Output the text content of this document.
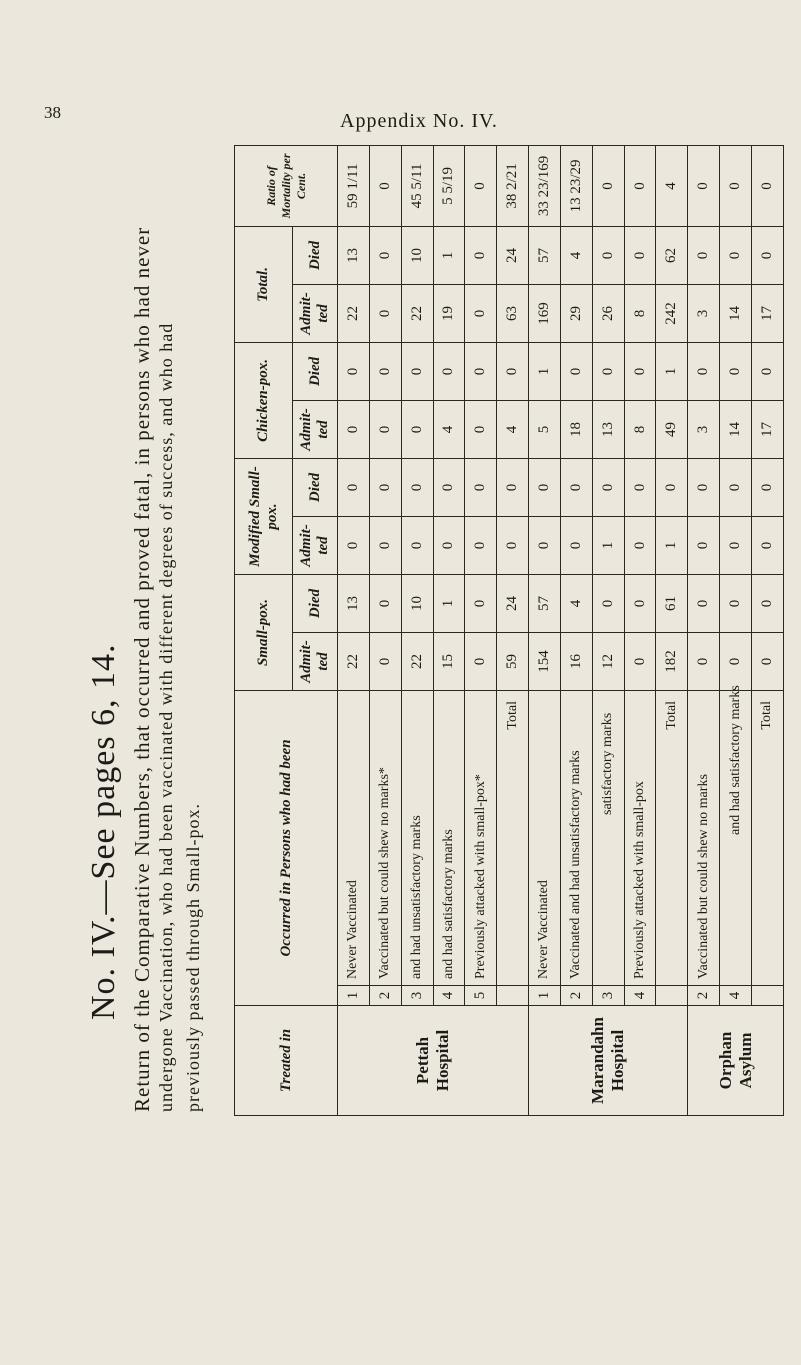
38	Appendix No. IV.
No. IV.—See pages 6, 14. Return of the Comparative Numbers, that occurred and proved fatal, in persons who had never undergone Vaccination, who had been vaccinated with different degrees of success, and who had previously passed through Small-pox.	Treated in	Occurred in Persons who had been		Small-pox.		Modified Small-pox.		Chicken-pox.		Total.		Ratio of Mortality per Cent.
			Admit-ted	Died	Admit-ted	Died	Admit-ted	Died	Admit-ted	Died	
Pettah Hospital	1	Never Vaccinated	22	13	0	0	0	0	22	13	59 1/11
	2	Vaccinated but could shew no marks*	0	0	0	0	0	0	0	0	0
	3	and had unsatisfactory marks	22	10	0	0	0	0	22	10	45 5/11
	4	and had satisfactory marks	15	1	0	0	4	0	19	1	5 5/19
	5	Previously attacked with small-pox*	0	0	0	0	0	0	0	0	0
		Total	59	24	0	0	4	0	63	24	38 2/21
Marandahn Hospital	1	Never Vaccinated	154	57	0	0	5	1	169	57	33 23/169
	2	Vaccinated and had unsatisfactory marks	16	4	0	0	18	0	29	4	13 23/29
	3	satisfactory marks	12	0	1	0	13	0	26	0	0
	4	Previously attacked with small-pox	0	0	0	0	8	0	8	0	0
		Total	182	61	1	0	49	1	242	62	4
Orphan Asylum	2	Vaccinated but could shew no marks	0	0	0	0	3	0	3	0	0
	4	and had satisfactory marks	0	0	0	0	14	0	14	0	0
		Total	0	0	0	0	17	0	17	0	0
